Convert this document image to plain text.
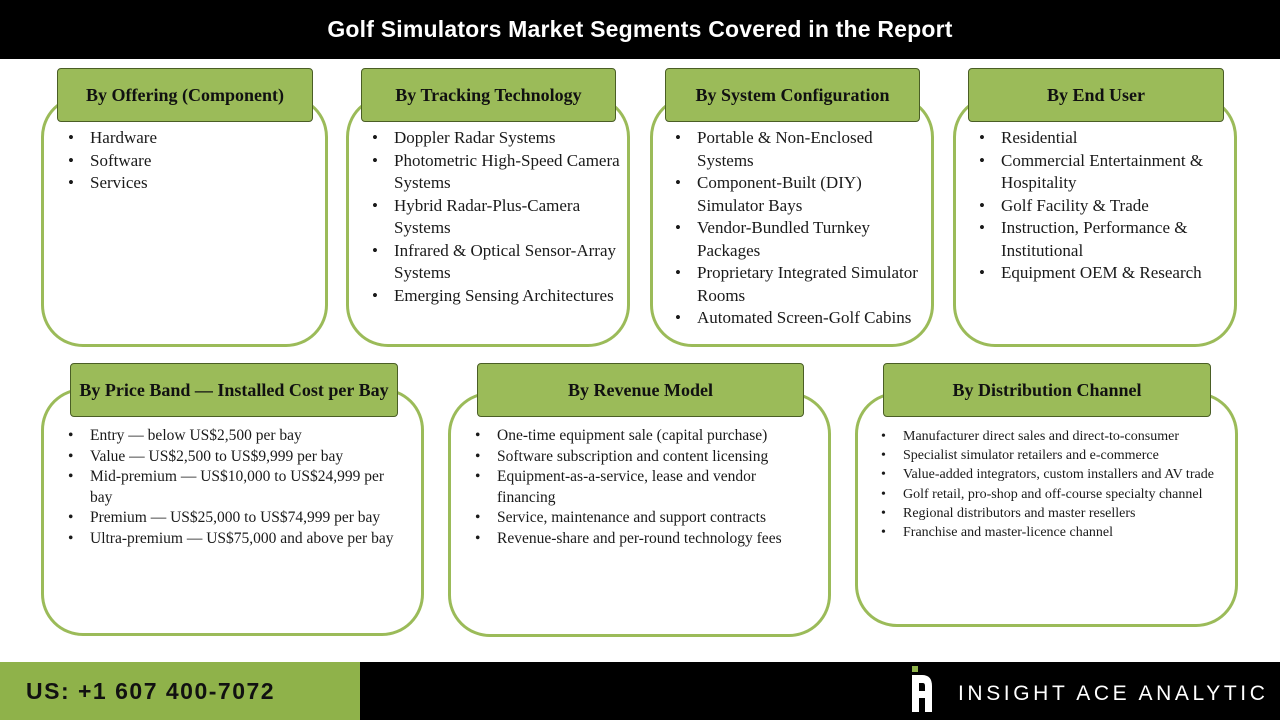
Golf Simulators Market Segments Covered in the Report
• Hardware
• Software
• Services
By Offering (Component)
• Doppler Radar Systems
• Photometric High-Speed Camera Systems
• Hybrid Radar-Plus-Camera Systems
• Infrared & Optical Sensor-Array Systems
• Emerging Sensing Architectures
By Tracking Technology
• Portable & Non-Enclosed Systems
• Component-Built (DIY) Simulator Bays
• Vendor-Bundled Turnkey Packages
• Proprietary Integrated Simulator Rooms
• Automated Screen-Golf Cabins
By System Configuration
• Residential
• Commercial Entertainment & Hospitality
• Golf Facility & Trade
• Instruction, Performance & Institutional
• Equipment OEM & Research
By End User
• Entry — below US$2,500 per bay
• Value — US$2,500 to US$9,999 per bay
• Mid-premium — US$10,000 to US$24,999 per bay
• Premium — US$25,000 to US$74,999 per bay
• Ultra-premium — US$75,000 and above per bay
By Price Band — Installed Cost per Bay
• One-time equipment sale (capital purchase)
• Software subscription and content licensing
• Equipment-as-a-service, lease and vendor financing
• Service, maintenance and support contracts
• Revenue-share and per-round technology fees
By Revenue Model
• Manufacturer direct sales and direct-to-consumer
• Specialist simulator retailers and e-commerce
• Value-added integrators, custom installers and AV trade
• Golf retail, pro-shop and off-course specialty channel
• Regional distributors and master resellers
• Franchise and master-licence channel
By Distribution Channel
US: +1 607 400-7072	INSIGHT ACE ANALYTIC
